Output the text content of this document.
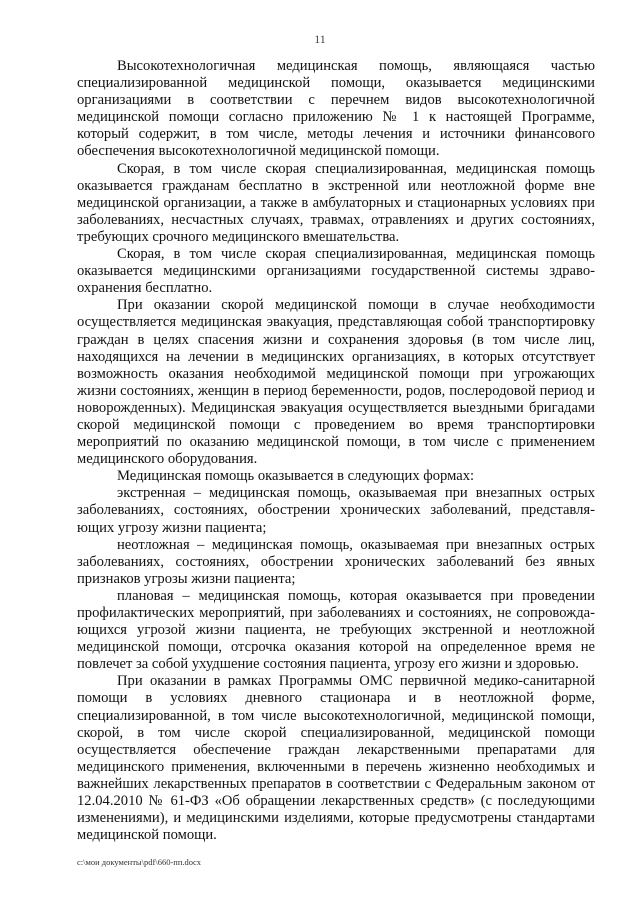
11

Высокотехнологичная медицинская помощь, являющаяся частью специализированной медицинской помощи, оказывается медицинскими организациями в соответствии с перечнем видов высокотехнологичной медицинской помощи согласно приложению № 1 к настоящей Программе, который содержит, в том числе, методы лечения и источники финансового обеспечения высокотехнологичной медицинской помощи.

Скорая, в том числе скорая специализированная, медицинская помощь оказывается гражданам бесплатно в экстренной или неотложной форме вне медицинской организации, а также в амбулаторных и стационарных условиях при заболеваниях, несчастных случаях, травмах, отравлениях и других состояниях, требующих срочного медицинского вмешательства.

Скорая, в том числе скорая специализированная, медицинская помощь оказывается медицинскими организациями государственной системы здравоохранения бесплатно.

При оказании скорой медицинской помощи в случае необходимости осуществляется медицинская эвакуация, представляющая собой транспортировку граждан в целях спасения жизни и сохранения здоровья (в том числе лиц, находящихся на лечении в медицинских организациях, в которых отсутствует возможность оказания необходимой медицинской помощи при угрожающих жизни состояниях, женщин в период беременности, родов, послеродовой период и новорожденных). Медицинская эвакуация осуществляется выездными бригадами скорой медицинской помощи с проведением во время транспортировки мероприятий по оказанию медицинской помощи, в том числе с применением медицинского оборудования.

Медицинская помощь оказывается в следующих формах:

экстренная – медицинская помощь, оказываемая при внезапных острых заболеваниях, состояниях, обострении хронических заболеваний, представляющих угрозу жизни пациента;

неотложная – медицинская помощь, оказываемая при внезапных острых заболеваниях, состояниях, обострении хронических заболеваний без явных признаков угрозы жизни пациента;

плановая – медицинская помощь, которая оказывается при проведении профилактических мероприятий, при заболеваниях и состояниях, не сопровождающихся угрозой жизни пациента, не требующих экстренной и неотложной медицинской помощи, отсрочка оказания которой на определенное время не повлечет за собой ухудшение состояния пациента, угрозу его жизни и здоровью.

При оказании в рамках Программы ОМС первичной медико-санитарной помощи в условиях дневного стационара и в неотложной форме, специализированной, в том числе высокотехнологичной, медицинской помощи, скорой, в том числе скорой специализированной, медицинской помощи осуществляется обеспечение граждан лекарственными препаратами для медицинского применения, включенными в перечень жизненно необходимых и важнейших лекарственных препаратов в соответствии с Федеральным законом от 12.04.2010 № 61-ФЗ «Об обращении лекарственных средств» (с последующими изменениями), и медицинскими изделиями, которые предусмотрены стандартами медицинской помощи.

c:\мои документы\pdf\660-пп.docx
